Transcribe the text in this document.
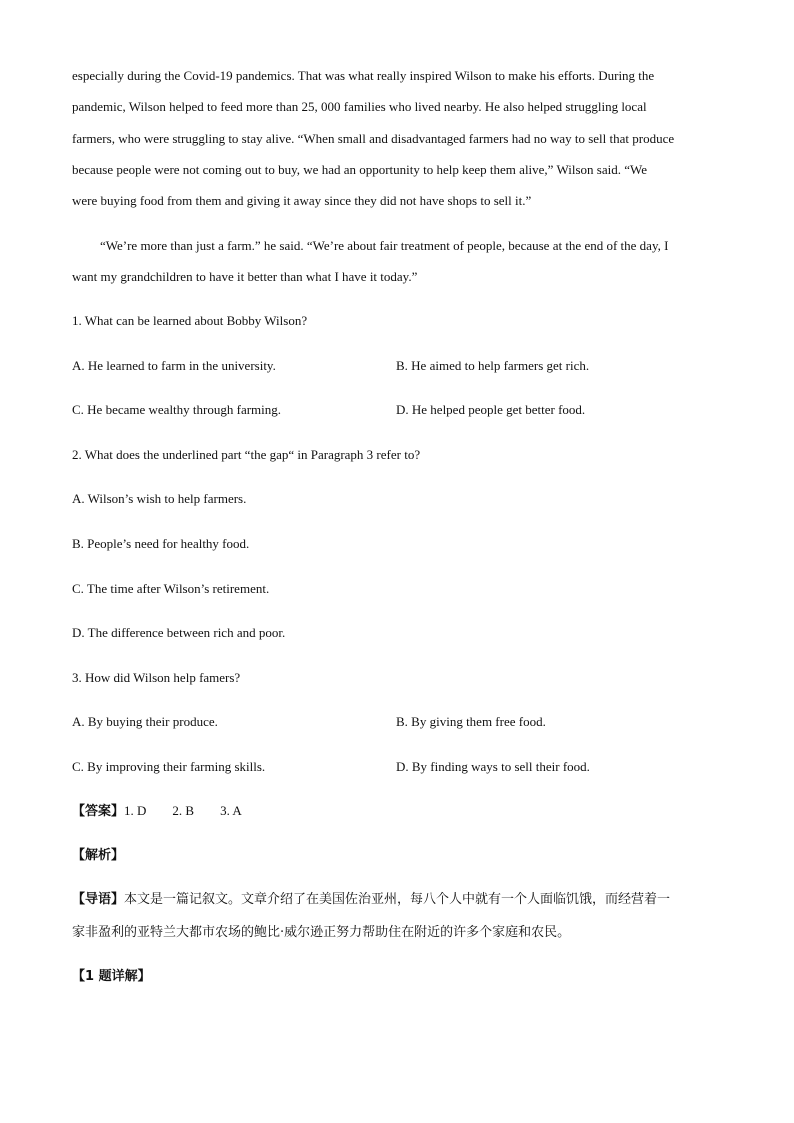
especially during the Covid-19 pandemics. That was what really inspired Wilson to make his efforts. During the
pandemic, Wilson helped to feed more than 25, 000 families who lived nearby. He also helped struggling local
farmers, who were struggling to stay alive. “When small and disadvantaged farmers had no way to sell that produce
because people were not coming out to buy, we had an opportunity to help keep them alive,” Wilson said. “We
were buying food from them and giving it away since they did not have shops to sell it.”
“We’re more than just a farm.” he said. “We’re about fair treatment of people, because at the end of the day, I
want my grandchildren to have it better than what I have it today.”
1. What can be learned about Bobby Wilson?
A. He learned to farm in the university.	B. He aimed to help farmers get rich.
C. He became wealthy through farming.	D. He helped people get better food.
2. What does the underlined part “the gap“ in Paragraph 3 refer to?
A. Wilson’s wish to help farmers.
B. People’s need for healthy food.
C. The time after Wilson’s retirement.
D. The difference between rich and poor.
3. How did Wilson help famers?
A. By buying their produce.	B. By giving them free food.
C. By improving their farming skills.	D. By finding ways to sell their food.
【答案】1. D 2. B 3. A
【解析】
【导语】本文是一篇记叙文。文章介绍了在美国佐治亚州，每八个人中就有一个人面临饥饿，而经营着一
家非盈利的亚特兰大都市农场的鲍比·威尔逊正努力帮助住在附近的许多个家庭和农民。
【1 题详解】
